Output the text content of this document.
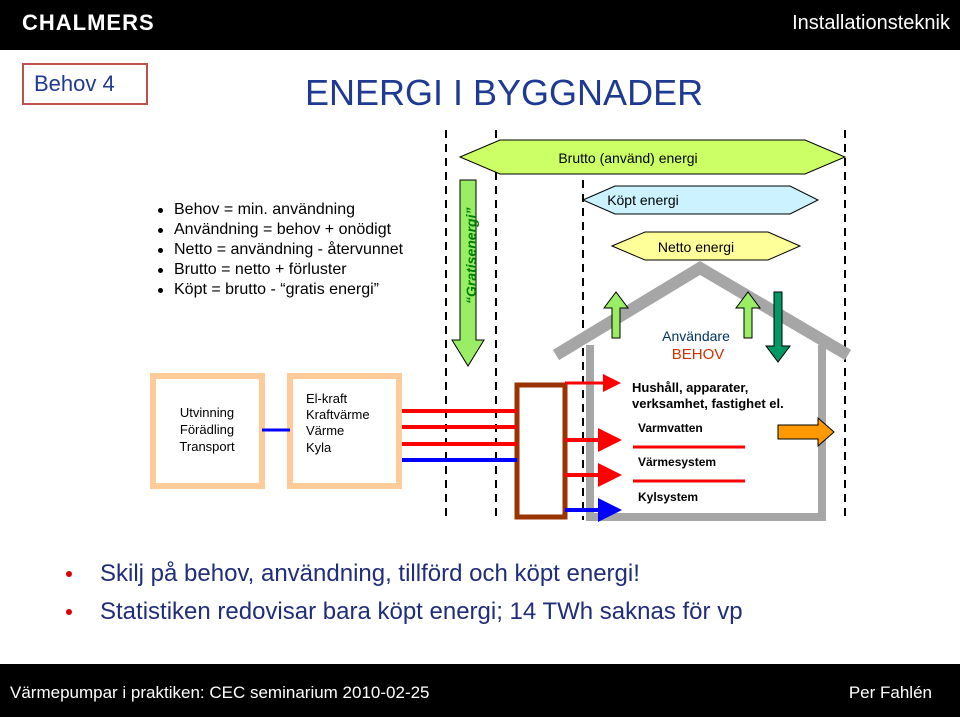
CHALMERS	Installationsteknik
Behov 4	ENERGI I BYGGNADER
Behov = min. användning
Användning = behov + onödigt
Netto = användning - återvunnet
Brutto = netto + förluster
Köpt = brutto - “gratis energi”
Brutto (använd) energi
Köpt energi
Netto energi
“Gratisenergi”
Användare
BEHOV
Utvinning
Förädling
Transport
El-kraft
Kraftvärme
Värme
Kyla
Hushåll, apparater,
verksamhet, fastighet el.
Varmvatten
Värmesystem
Kylsystem
Skilj på behov, användning, tillförd och köpt energi!
Statistiken redovisar bara köpt energi; 14 TWh saknas för vp
Värmepumpar i praktiken: CEC seminarium 2010-02-25	Per Fahlén
